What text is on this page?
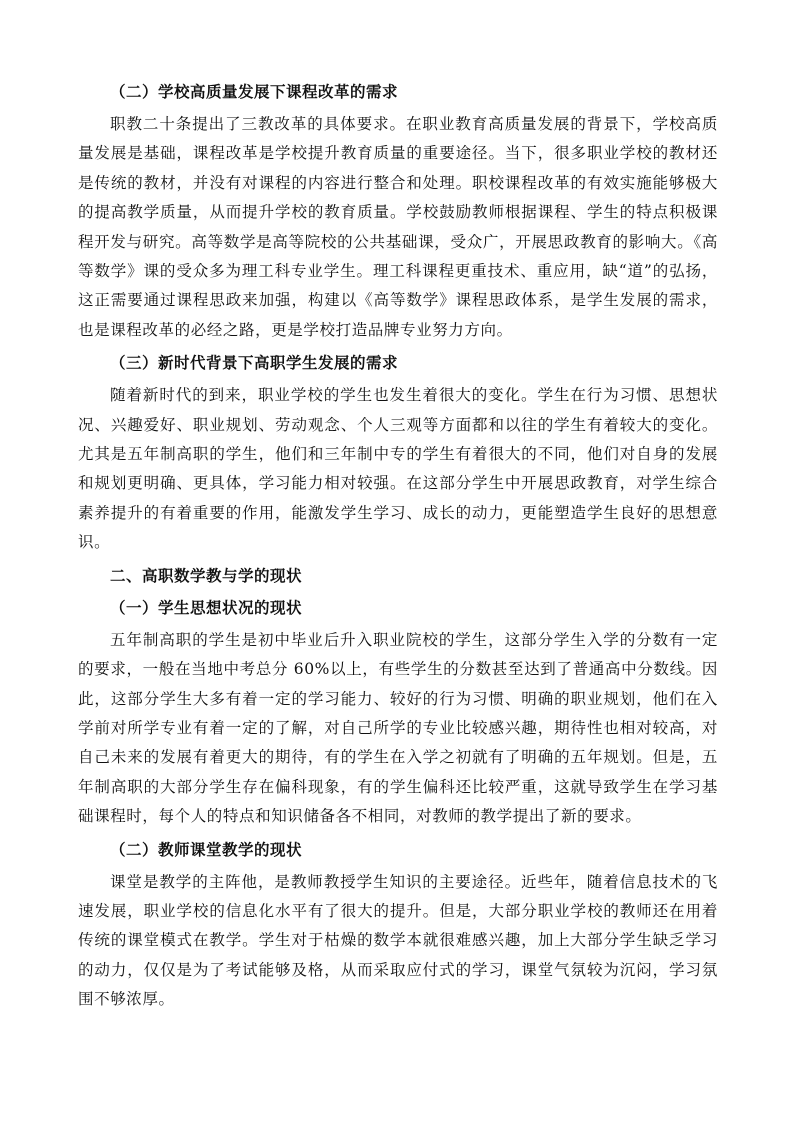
（二）学校高质量发展下课程改革的需求
职教二十条提出了三教改革的具体要求。在职业教育高质量发展的背景下，学校高质量发展是基础，课程改革是学校提升教育质量的重要途径。当下，很多职业学校的教材还是传统的教材，并没有对课程的内容进行整合和处理。职校课程改革的有效实施能够极大的提高教学质量，从而提升学校的教育质量。学校鼓励教师根据课程、学生的特点积极课程开发与研究。高等数学是高等院校的公共基础课，受众广，开展思政教育的影响大。《高等数学》课的受众多为理工科专业学生。理工科课程更重技术、重应用，缺“道”的弘扬，这正需要通过课程思政来加强，构建以《高等数学》课程思政体系，是学生发展的需求，也是课程改革的必经之路，更是学校打造品牌专业努力方向。
（三）新时代背景下高职学生发展的需求
随着新时代的到来，职业学校的学生也发生着很大的变化。学生在行为习惯、思想状况、兴趣爱好、职业规划、劳动观念、个人三观等方面都和以往的学生有着较大的变化。尤其是五年制高职的学生，他们和三年制中专的学生有着很大的不同，他们对自身的发展和规划更明确、更具体，学习能力相对较强。在这部分学生中开展思政教育，对学生综合素养提升的有着重要的作用，能激发学生学习、成长的动力，更能塑造学生良好的思想意识。
二、高职数学教与学的现状
（一）学生思想状况的现状
五年制高职的学生是初中毕业后升入职业院校的学生，这部分学生入学的分数有一定的要求，一般在当地中考总分 60%以上，有些学生的分数甚至达到了普通高中分数线。因此，这部分学生大多有着一定的学习能力、较好的行为习惯、明确的职业规划，他们在入学前对所学专业有着一定的了解，对自己所学的专业比较感兴趣，期待性也相对较高，对自己未来的发展有着更大的期待，有的学生在入学之初就有了明确的五年规划。但是，五年制高职的大部分学生存在偏科现象，有的学生偏科还比较严重，这就导致学生在学习基础课程时，每个人的特点和知识储备各不相同，对教师的教学提出了新的要求。
（二）教师课堂教学的现状
课堂是教学的主阵他，是教师教授学生知识的主要途径。近些年，随着信息技术的飞速发展，职业学校的信息化水平有了很大的提升。但是，大部分职业学校的教师还在用着传统的课堂模式在教学。学生对于枯燥的数学本就很难感兴趣，加上大部分学生缺乏学习的动力，仅仅是为了考试能够及格，从而采取应付式的学习，课堂气氛较为沉闷，学习氛围不够浓厚。
